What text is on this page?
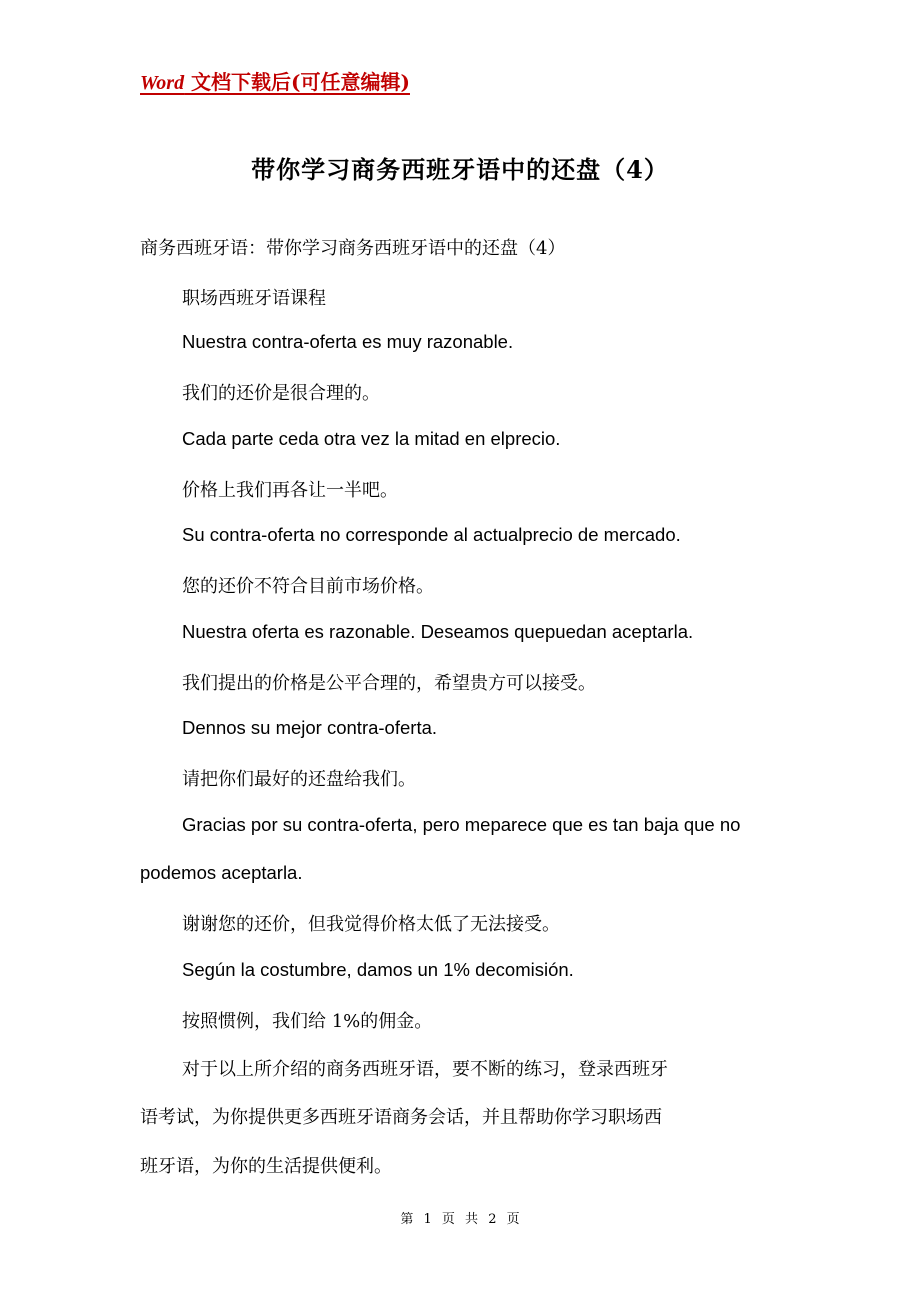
Word 文档下载后(可任意编辑)
带你学习商务西班牙语中的还盘（4）
商务西班牙语：带你学习商务西班牙语中的还盘（4）
职场西班牙语课程
Nuestra contra-oferta es muy razonable.
我们的还价是很合理的。
Cada parte ceda otra vez la mitad en elprecio.
价格上我们再各让一半吧。
Su contra-oferta no corresponde al actualprecio de mercado.
您的还价不符合目前市场价格。
Nuestra oferta es razonable. Deseamos quepuedan aceptarla.
我们提出的价格是公平合理的，希望贵方可以接受。
Dennos su mejor contra-oferta.
请把你们最好的还盘给我们。
Gracias por su contra-oferta, pero meparece que es tan baja que no
podemos aceptarla.
谢谢您的还价，但我觉得价格太低了无法接受。
Según la costumbre, damos un 1% decomisión.
按照惯例，我们给 1%的佣金。
对于以上所介绍的商务西班牙语，要不断的练习，登录西班牙
语考试，为你提供更多西班牙语商务会话，并且帮助你学习职场西
班牙语，为你的生活提供便利。
第 1 页 共 2 页
